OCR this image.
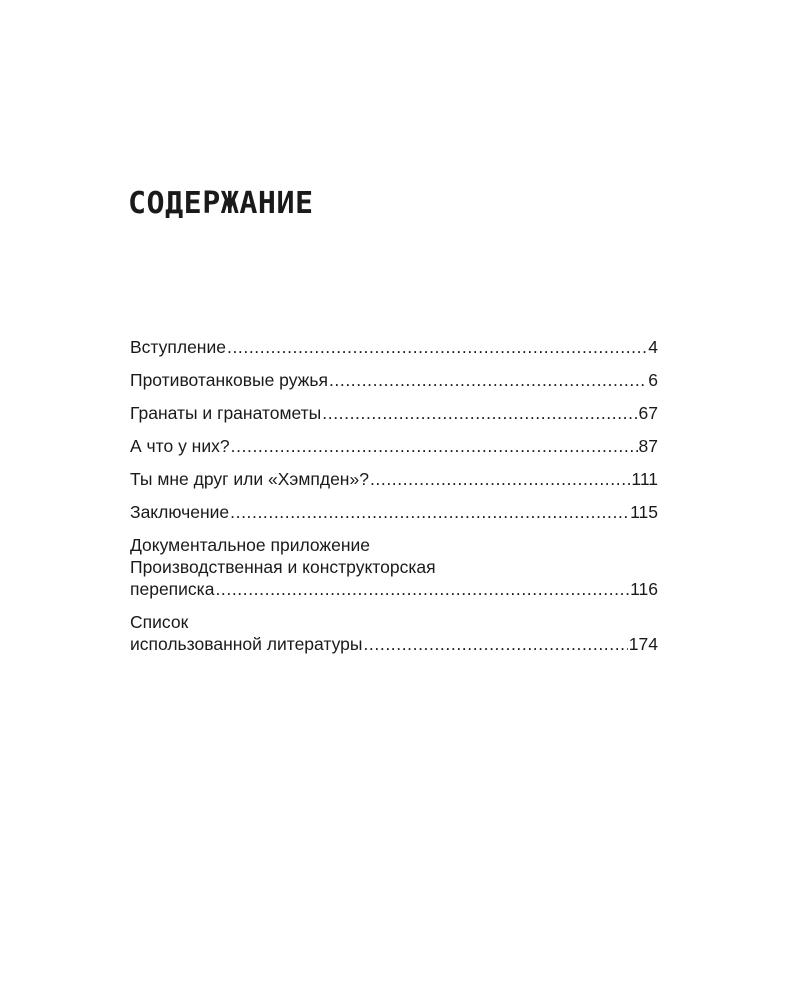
СОДЕРЖАНИЕ
Вступление .....	4
Противотанковые ружья .....	6
Гранаты и гранатометы .....	67
А что у них? .....	87
Ты мне друг или «Хэмпден»? .....	111
Заключение .....	115
Документальное приложение
Производственная и конструкторская
переписка .....	116
Список
использованной литературы .....	174
